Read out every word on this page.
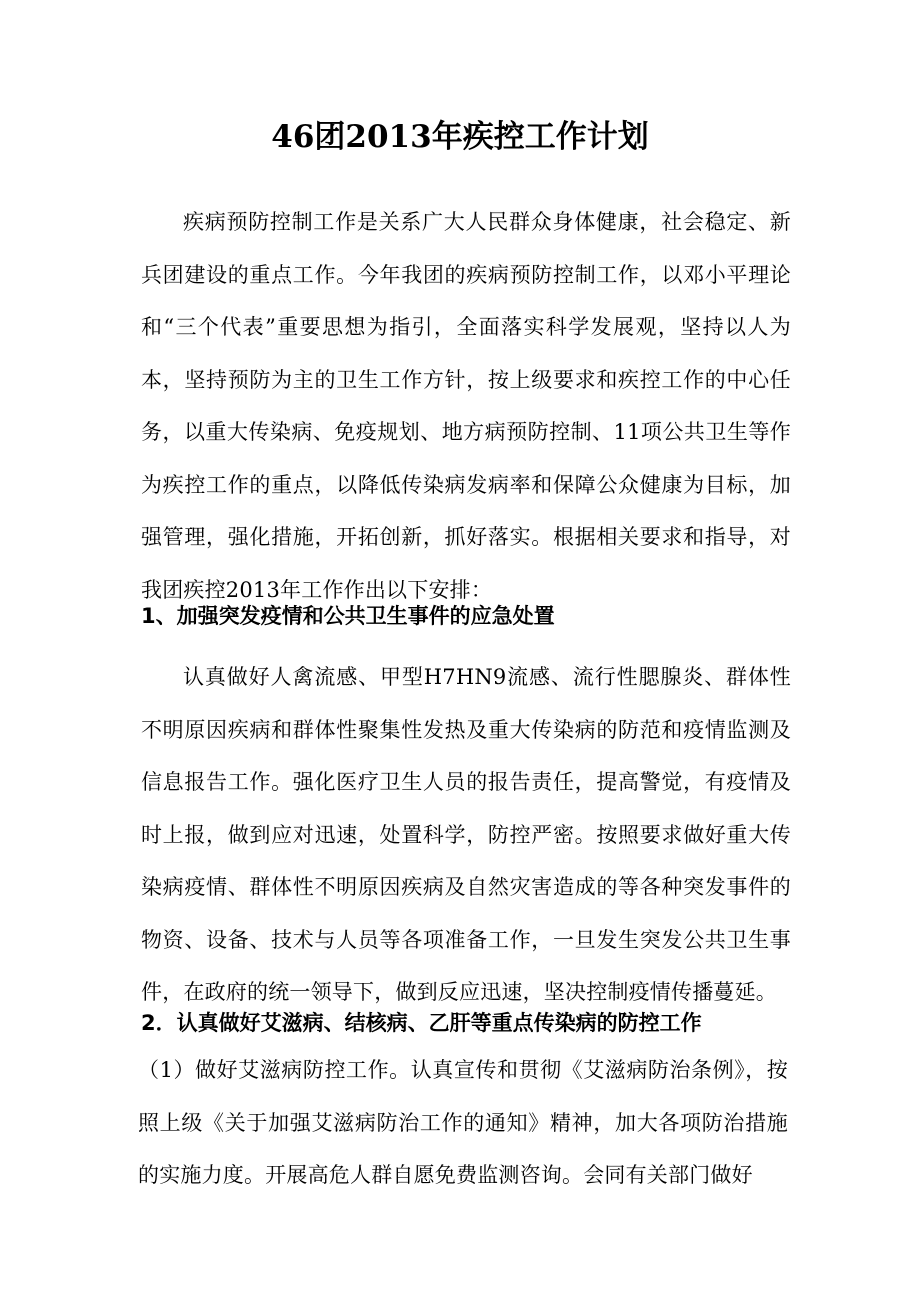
46团2013年疾控工作计划

疾病预防控制工作是关系广大人民群众身体健康，社会稳定、新兵团建设的重点工作。今年我团的疾病预防控制工作，以邓小平理论和“三个代表”重要思想为指引，全面落实科学发展观，坚持以人为本，坚持预防为主的卫生工作方针，按上级要求和疾控工作的中心任务，以重大传染病、免疫规划、地方病预防控制、11项公共卫生等作为疾控工作的重点，以降低传染病发病率和保障公众健康为目标，加强管理，强化措施，开拓创新，抓好落实。根据相关要求和指导，对我团疾控2013年工作作出以下安排：

1、加强突发疫情和公共卫生事件的应急处置

认真做好人禽流感、甲型H7HN9流感、流行性腮腺炎、群体性不明原因疾病和群体性聚集性发热及重大传染病的防范和疫情监测及信息报告工作。强化医疗卫生人员的报告责任，提高警觉，有疫情及时上报，做到应对迅速，处置科学，防控严密。按照要求做好重大传染病疫情、群体性不明原因疾病及自然灾害造成的等各种突发事件的物资、设备、技术与人员等各项准备工作，一旦发生突发公共卫生事件，在政府的统一领导下，做到反应迅速，坚决控制疫情传播蔓延。

2．认真做好艾滋病、结核病、乙肝等重点传染病的防控工作

（1）做好艾滋病防控工作。认真宣传和贯彻《艾滋病防治条例》，按照上级《关于加强艾滋病防治工作的通知》精神，加大各项防治措施的实施力度。开展高危人群自愿免费监测咨询。会同有关部门做好
